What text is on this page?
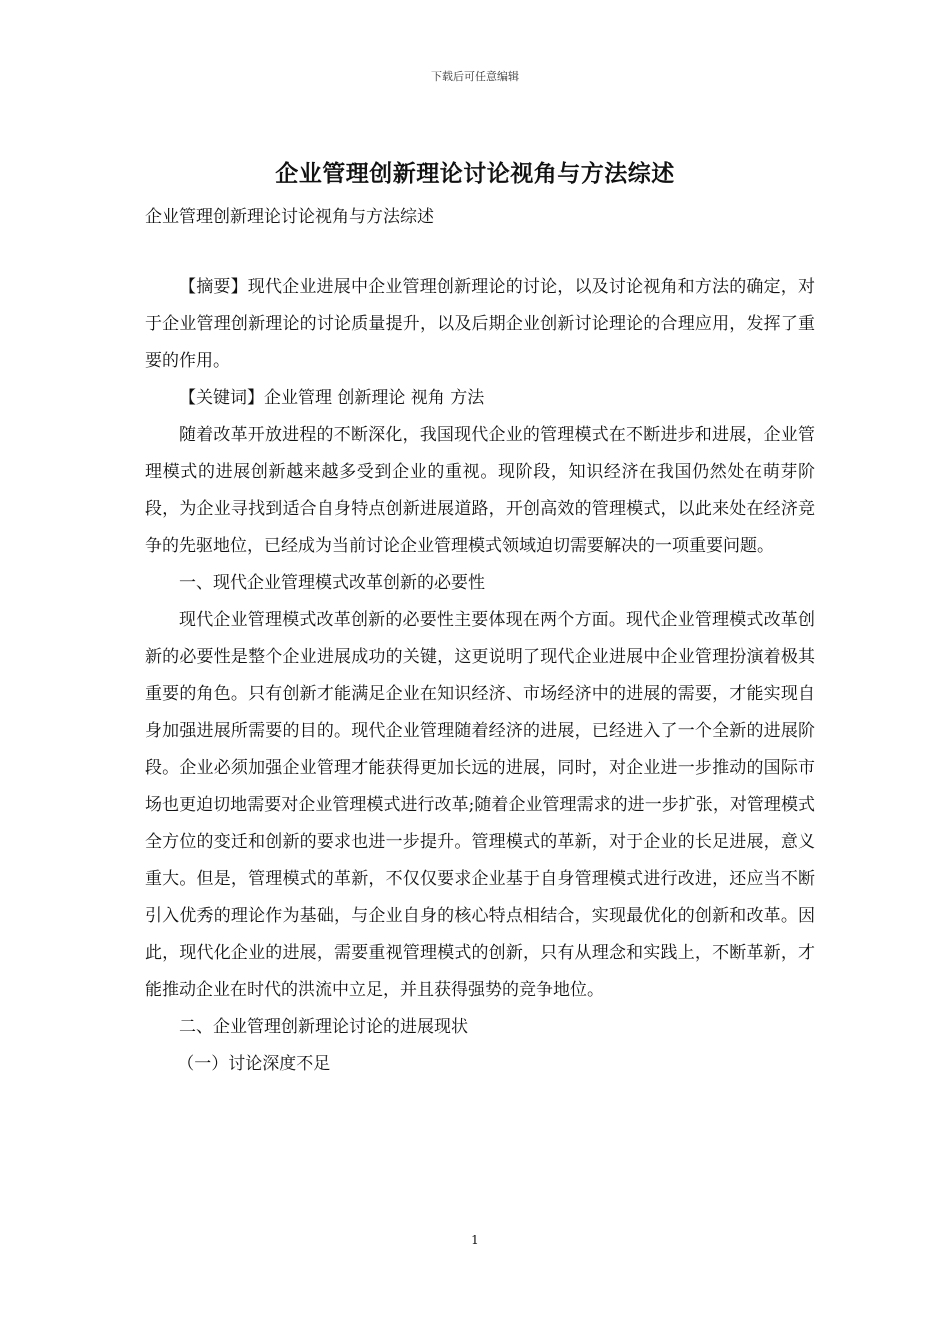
下载后可任意编辑
企业管理创新理论讨论视角与方法综述
企业管理创新理论讨论视角与方法综述

【摘要】现代企业进展中企业管理创新理论的讨论，以及讨论视角和方法的确定，对于企业管理创新理论的讨论质量提升，以及后期企业创新讨论理论的合理应用，发挥了重要的作用。

【关键词】企业管理 创新理论 视角 方法

随着改革开放进程的不断深化，我国现代企业的管理模式在不断进步和进展，企业管理模式的进展创新越来越多受到企业的重视。现阶段，知识经济在我国仍然处在萌芽阶段，为企业寻找到适合自身特点创新进展道路，开创高效的管理模式，以此来处在经济竞争的先驱地位，已经成为当前讨论企业管理模式领域迫切需要解决的一项重要问题。

一、现代企业管理模式改革创新的必要性

现代企业管理模式改革创新的必要性主要体现在两个方面。现代企业管理模式改革创新的必要性是整个企业进展成功的关键，这更说明了现代企业进展中企业管理扮演着极其重要的角色。只有创新才能满足企业在知识经济、市场经济中的进展的需要，才能实现自身加强进展所需要的目的。现代企业管理随着经济的进展，已经进入了一个全新的进展阶段。企业必须加强企业管理才能获得更加长远的进展，同时，对企业进一步推动的国际市场也更迫切地需要对企业管理模式进行改革;随着企业管理需求的进一步扩张，对管理模式全方位的变迁和创新的要求也进一步提升。管理模式的革新，对于企业的长足进展，意义重大。但是，管理模式的革新，不仅仅要求企业基于自身管理模式进行改进，还应当不断引入优秀的理论作为基础，与企业自身的核心特点相结合，实现最优化的创新和改革。因此，现代化企业的进展，需要重视管理模式的创新，只有从理念和实践上，不断革新，才能推动企业在时代的洪流中立足，并且获得强势的竞争地位。

二、企业管理创新理论讨论的进展现状

（一）讨论深度不足

1
